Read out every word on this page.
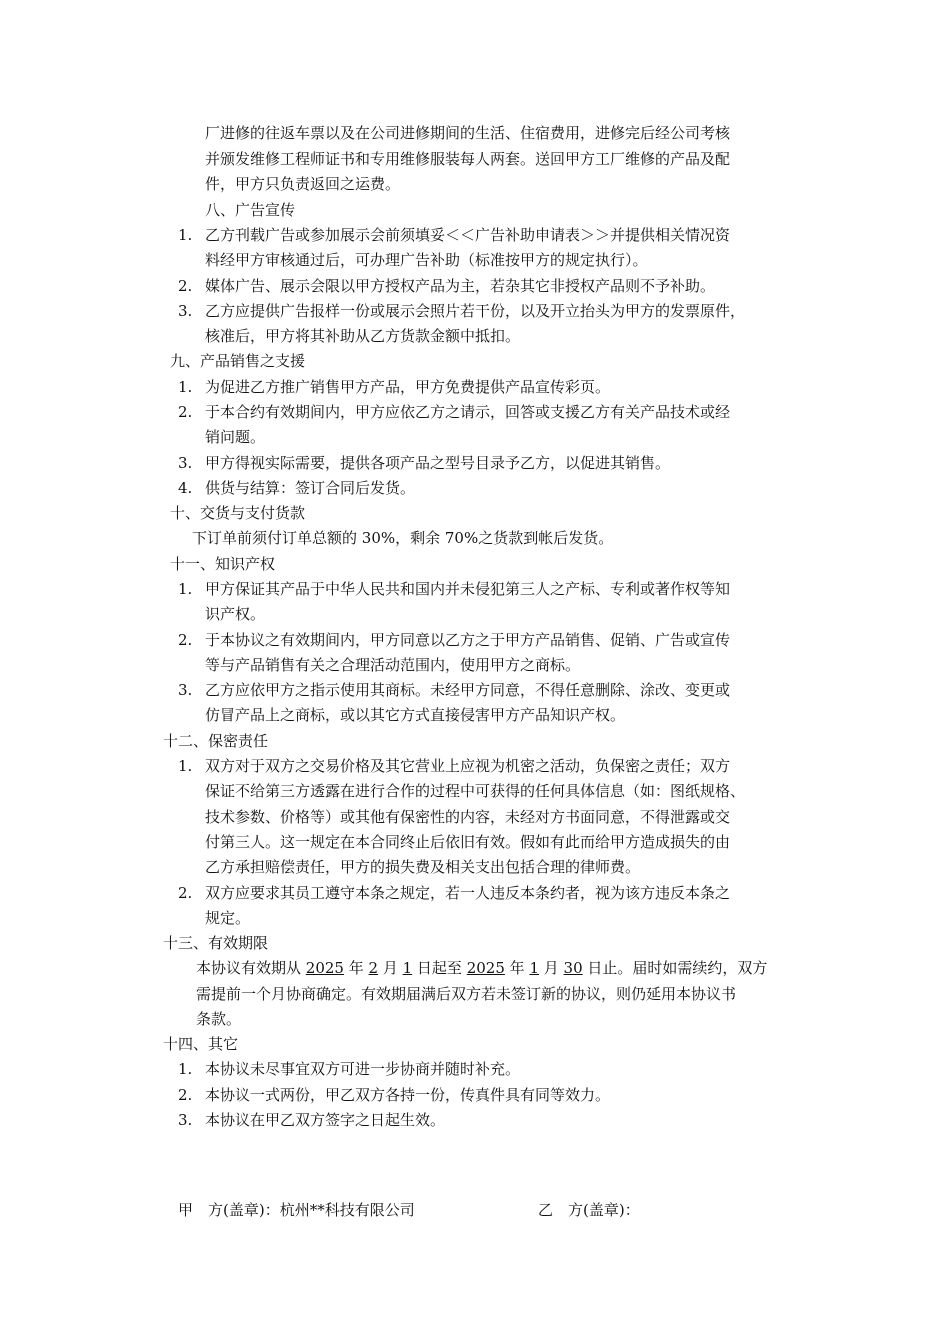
厂进修的往返车票以及在公司进修期间的生活、住宿费用，进修完后经公司考核
并颁发维修工程师证书和专用维修服装每人两套。送回甲方工厂维修的产品及配
件，甲方只负责返回之运费。
八、广告宣传
1. 乙方刊载广告或参加展示会前须填妥＜＜广告补助申请表＞＞并提供相关情况资
料经甲方审核通过后，可办理广告补助（标准按甲方的规定执行）。
2. 媒体广告、展示会限以甲方授权产品为主，若杂其它非授权产品则不予补助。
3. 乙方应提供广告报样一份或展示会照片若干份，以及开立抬头为甲方的发票原件，
核准后，甲方将其补助从乙方货款金额中抵扣。
九、产品销售之支援
1. 为促进乙方推广销售甲方产品，甲方免费提供产品宣传彩页。
2. 于本合约有效期间内，甲方应依乙方之请示，回答或支援乙方有关产品技术或经
销问题。
3. 甲方得视实际需要，提供各项产品之型号目录予乙方，以促进其销售。
4. 供货与结算：签订合同后发货。
十、交货与支付货款
下订单前须付订单总额的 30%，剩余 70%之货款到帐后发货。
十一、知识产权
1. 甲方保证其产品于中华人民共和国内并未侵犯第三人之产标、专利或著作权等知
识产权。
2. 于本协议之有效期间内，甲方同意以乙方之于甲方产品销售、促销、广告或宣传
等与产品销售有关之合理活动范围内，使用甲方之商标。
3. 乙方应依甲方之指示使用其商标。未经甲方同意，不得任意删除、涂改、变更或
仿冒产品上之商标，或以其它方式直接侵害甲方产品知识产权。
十二、保密责任
1. 双方对于双方之交易价格及其它营业上应视为机密之活动，负保密之责任；双方
保证不给第三方透露在进行合作的过程中可获得的任何具体信息（如：图纸规格、
技术参数、价格等）或其他有保密性的内容，未经对方书面同意，不得泄露或交
付第三人。这一规定在本合同终止后依旧有效。假如有此而给甲方造成损失的由
乙方承担赔偿责任，甲方的损失费及相关支出包括合理的律师费。
2. 双方应要求其员工遵守本条之规定，若一人违反本条约者，视为该方违反本条之
规定。
十三、有效期限
本协议有效期从 2025 年 2 月 1 日起至 2025 年 1 月 30 日止。届时如需续约，双方
需提前一个月协商确定。有效期届满后双方若未签订新的协议，则仍延用本协议书
条款。
十四、其它
1. 本协议未尽事宜双方可进一步协商并随时补充。
2. 本协议一式两份，甲乙双方各持一份，传真件具有同等效力。
3. 本协议在甲乙双方签字之日起生效。
甲　方(盖章)：杭州**科技有限公司	乙　方(盖章)：
